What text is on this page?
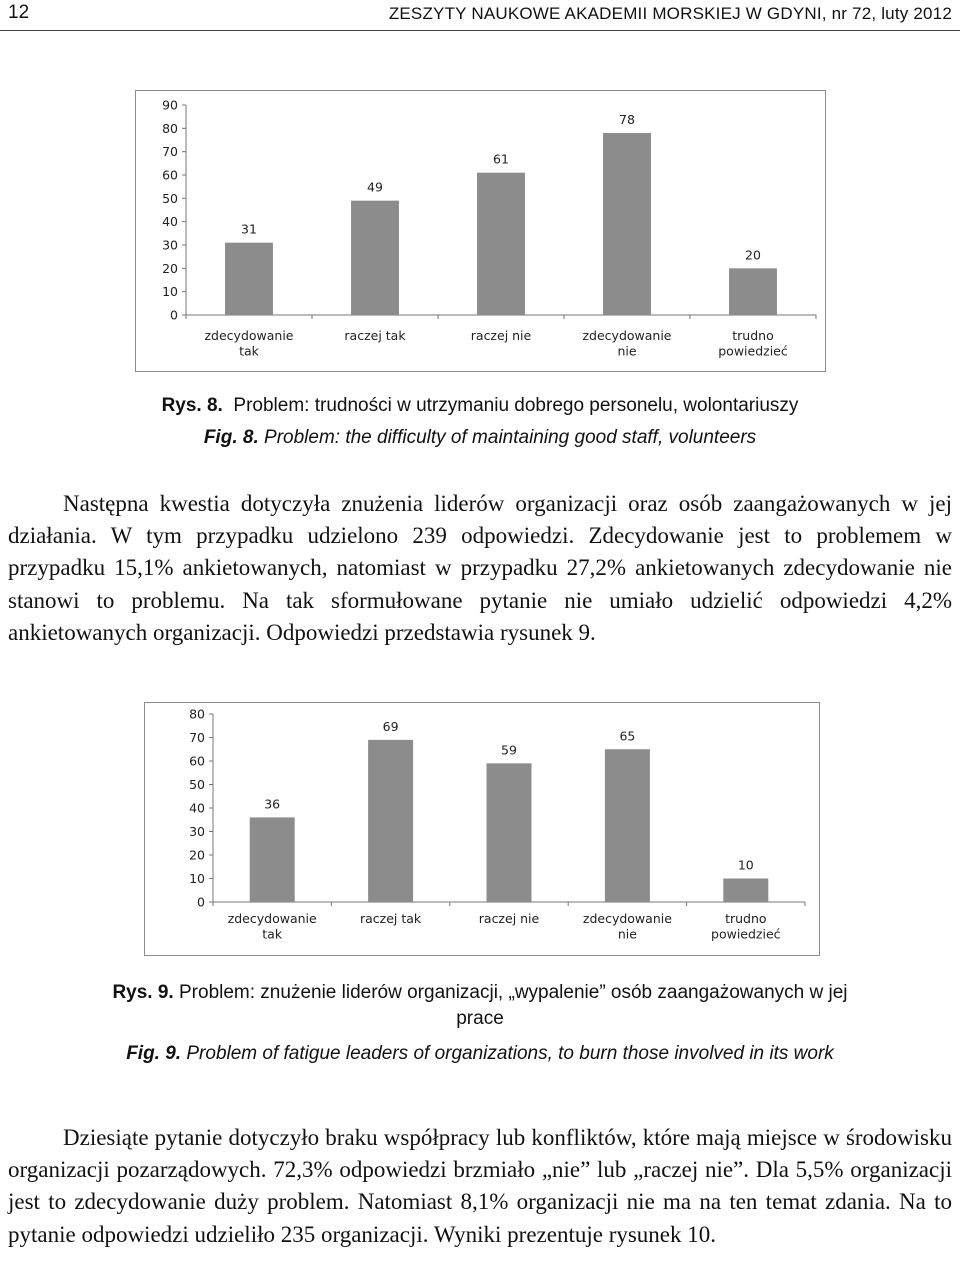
12	ZESZYTY NAUKOWE AKADEMII MORSKIEJ W GDYNI, nr 72, luty 2012
0
10
20
30
40
50
60
70
80
90
31
zdecydowanie tak
49
raczej tak
61
raczej nie
78
zdecydowanie nie
20
trudno powiedzieć
Rys. 8. Problem: trudności w utrzymaniu dobrego personelu, wolontariuszy
Fig. 8. Problem: the difficulty of maintaining good staff, volunteers
Następna kwestia dotyczyła znużenia liderów organizacji oraz osób zaangażowanych w jej działania. W tym przypadku udzielono 239 odpowiedzi. Zdecydowanie jest to problemem w przypadku 15,1% ankietowanych, natomiast w przypadku 27,2% ankietowanych zdecydowanie nie stanowi to problemu. Na tak sformułowane pytanie nie umiało udzielić odpowiedzi 4,2% ankietowanych organizacji. Odpowiedzi przedstawia rysunek 9.
0
10
20
30
40
50
60
70
80
36
zdecydowanie tak
69
raczej tak
59
raczej nie
65
zdecydowanie nie
10
trudno powiedzieć
Rys. 9. Problem: znużenie liderów organizacji, „wypalenie” osób zaangażowanych w jej prace
Fig. 9. Problem of fatigue leaders of organizations, to burn those involved in its work
Dziesiąte pytanie dotyczyło braku współpracy lub konfliktów, które mają miejsce w środowisku organizacji pozarządowych. 72,3% odpowiedzi brzmiało „nie” lub „raczej nie”. Dla 5,5% organizacji jest to zdecydowanie duży problem. Natomiast 8,1% organizacji nie ma na ten temat zdania. Na to pytanie odpowiedzi udzieliło 235 organizacji. Wyniki prezentuje rysunek 10.
